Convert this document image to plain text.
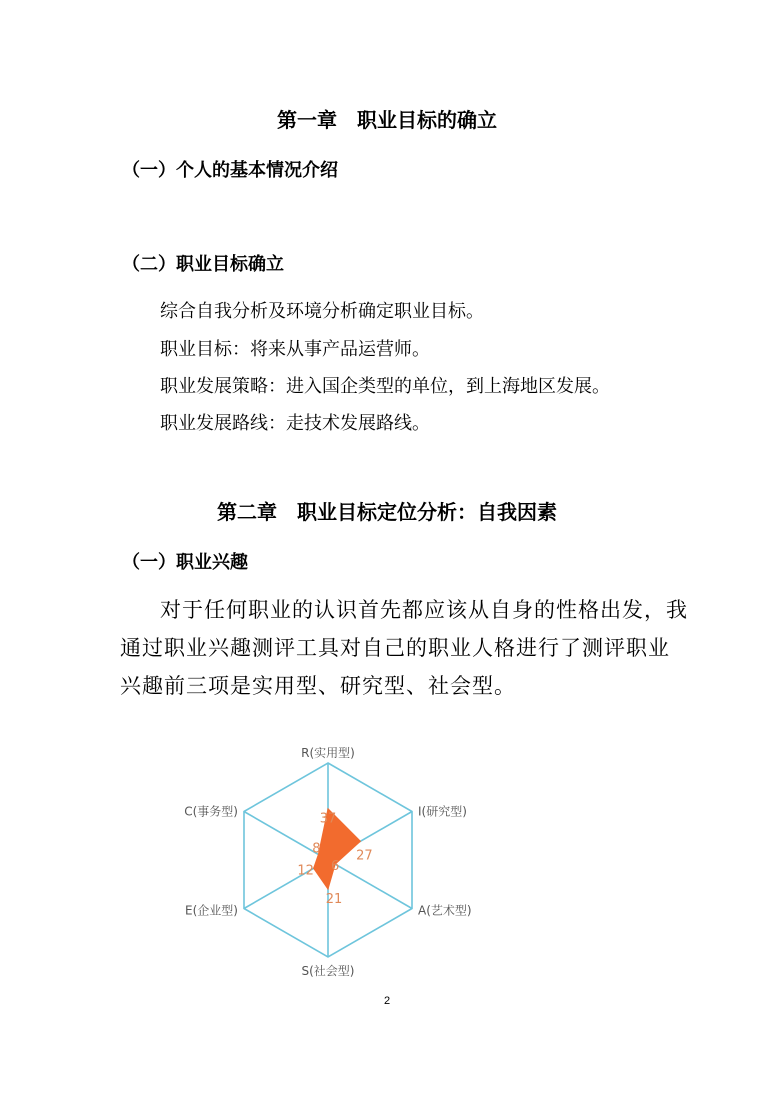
第一章　职业目标的确立
（一）个人的基本情况介绍
（二）职业目标确立

综合自我分析及环境分析确定职业目标。

职业目标：将来从事产品运营师。

职业发展策略：进入国企类型的单位，到上海地区发展。

职业发展路线：走技术发展路线。

第二章　职业目标定位分析：自我因素
（一）职业兴趣

对于任何职业的认识首先都应该从自身的性格出发，我

通过职业兴趣测评工具对自己的职业人格进行了测评职业

兴趣前三项是实用型、研究型、社会型。

R(实用型)
I(研究型)
A(艺术型)
S(社会型)
E(企业型)
C(事务型)
37
27
6
21
12
8

2
